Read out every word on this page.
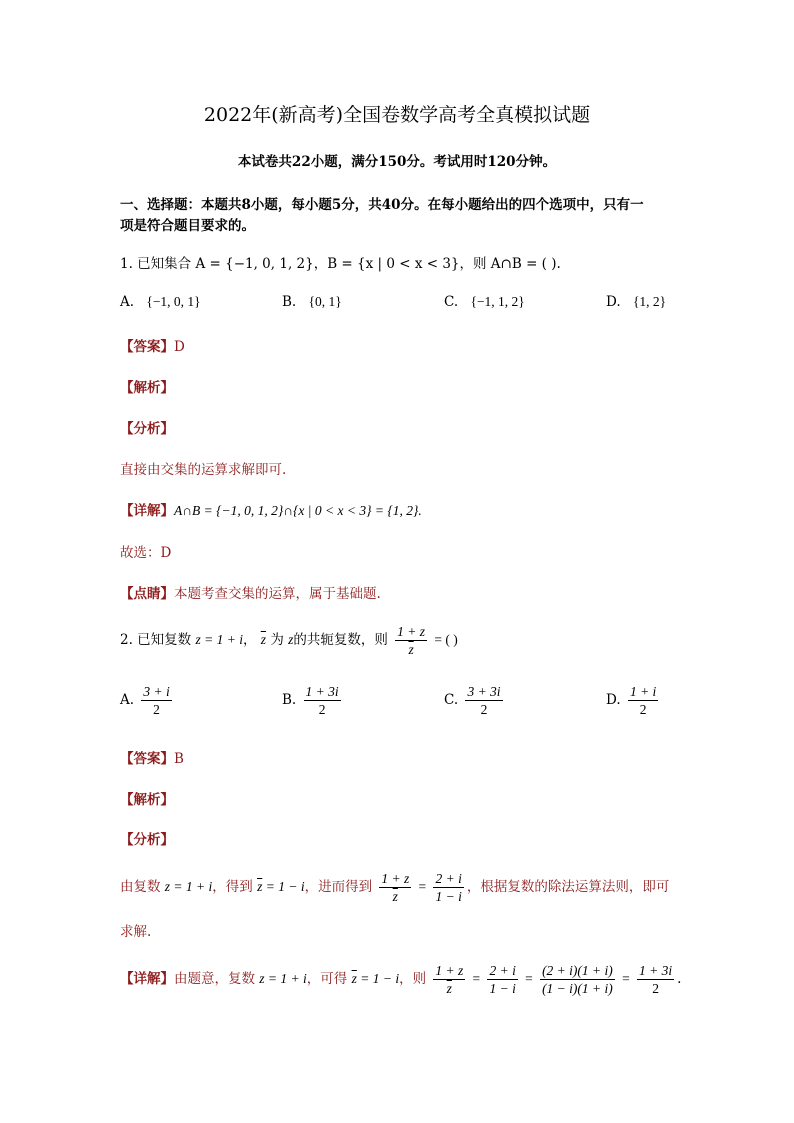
2022年(新高考)全国卷数学高考全真模拟试题
本试卷共22小题，满分150分。考试用时120分钟。
一、选择题：本题共8小题，每小题5分，共40分。在每小题给出的四个选项中，只有一
项是符合题目要求的。
1. 已知集合 A = {−1, 0, 1, 2}，B = {x | 0 < x < 3}，则 A∩B = ( ).
A. {−1, 0, 1}	B. {0, 1}	C. {−1, 1, 2}	D. {1, 2}
【答案】D
【解析】
【分析】
直接由交集的运算求解即可.
【详解】A∩B = {−1, 0, 1, 2}∩{x | 0 < x < 3} = {1, 2}.
故选：D
【点睛】本题考查交集的运算，属于基础题.
2. 已知复数 z = 1 + i， $\overline{z}$ 为 z的共轭复数，则 $\frac{1 + z}{z}$ = ( )
A. $\frac{3 + i}{2}$	B. $\frac{1 + 3i}{2}$	C. $\frac{3 + 3i}{2}$	D. $\frac{1 + i}{2}$
【答案】B
【解析】
【分析】
由复数 z = 1 + i，得到 $\overline{z} = 1 - i$，进而得到 $\frac{1 + z}{z} = \frac{2 + i}{1 - i}$ ，根据复数的除法运算法则，即可
求解.
【详解】由题意，复数 z = 1 + i，可得 $\overline{z} = 1 - i$，则 $\frac{1 + z}{z} = \frac{2 + i}{1 - i} = \frac{(2 + i)(1 + i)}{(1 - i)(1 + i)} = \frac{1 + 3i}{2}$ .
